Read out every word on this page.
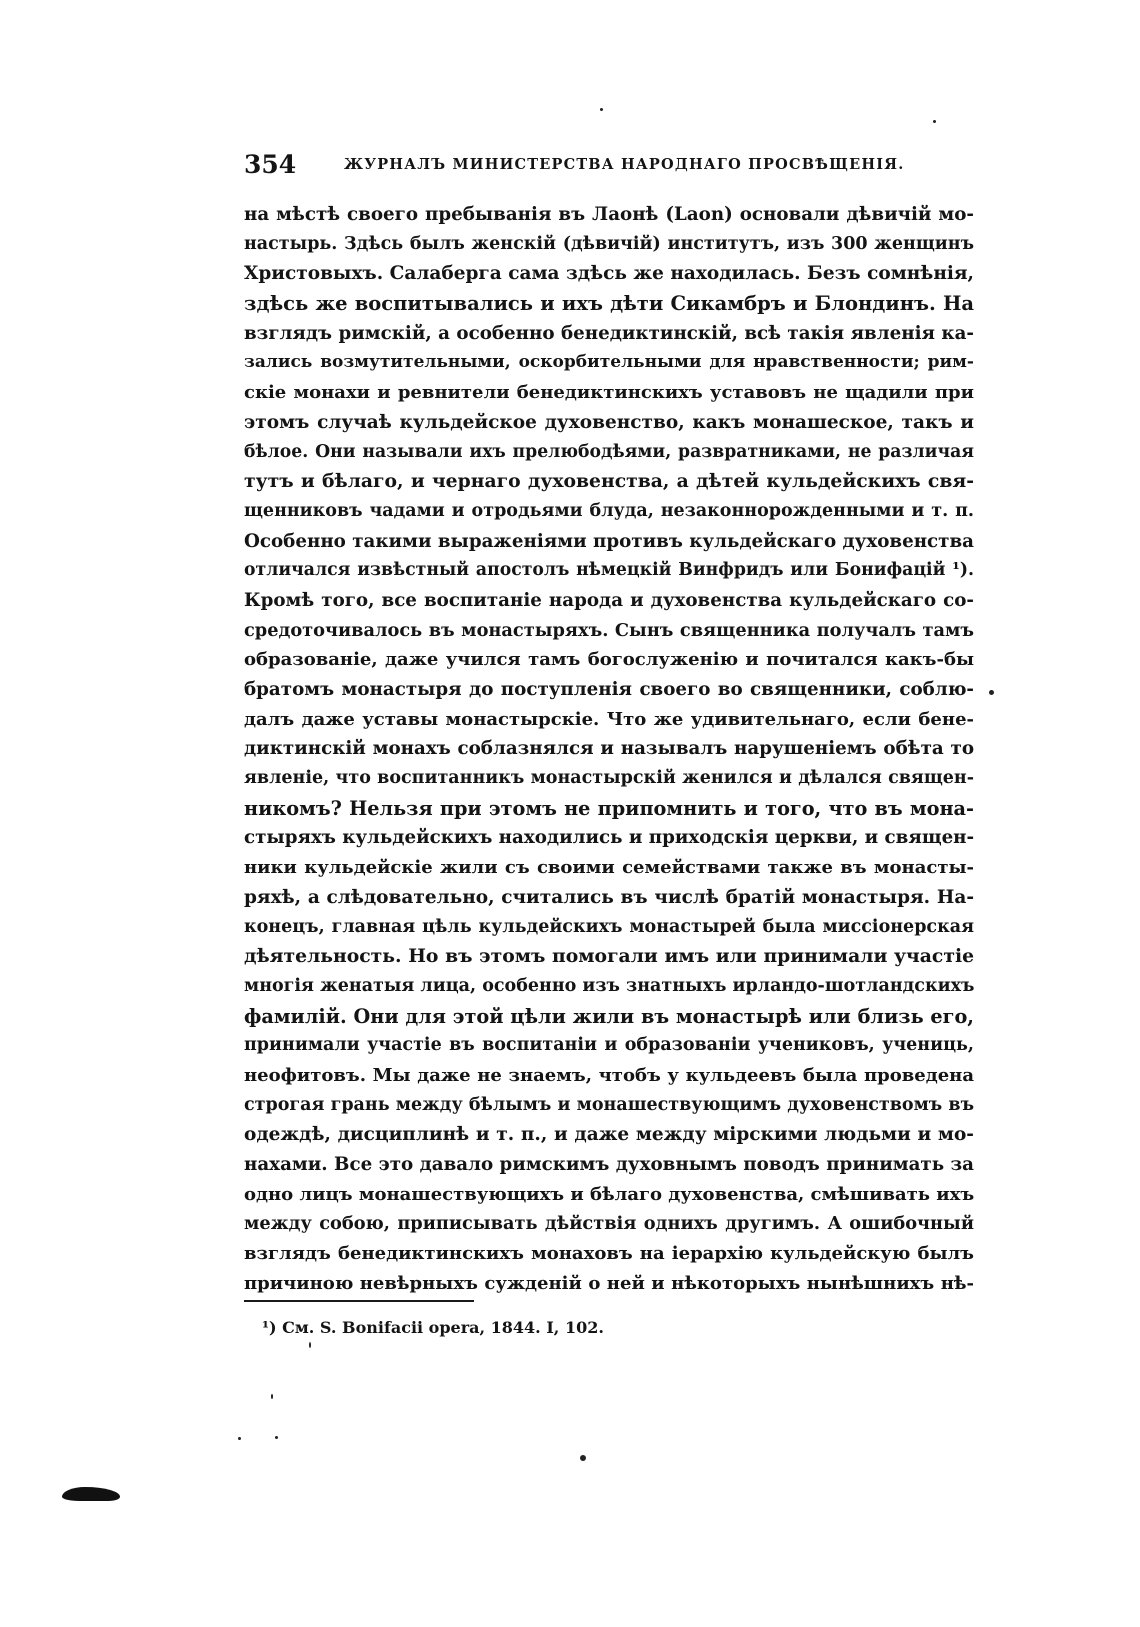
354	ЖУРНАЛЪ МИНИСТЕРСТВА НАРОДНАГО ПРОСВѢЩЕНІЯ.
на мѣстѣ своего пребыванія въ Лаонѣ (Laon) основали дѣвичій мо-
настырь. Здѣсь былъ женскій (дѣвичій) институтъ, изъ 300 женщинъ
Христовыхъ. Салаберга сама здѣсь же находилась. Безъ сомнѣнія,
здѣсь же воспитывались и ихъ дѣти Сикамбръ и Блондинъ. На
взглядъ римскій, а особенно бенедиктинскій, всѣ такія явленія ка-
зались возмутительными, оскорбительными для нравственности; рим-
скіе монахи и ревнители бенедиктинскихъ уставовъ не щадили при
этомъ случаѣ кульдейское духовенство, какъ монашеское, такъ и
бѣлое. Они называли ихъ прелюбодѣями, развратниками, не различая
тутъ и бѣлаго, и чернаго духовенства, а дѣтей кульдейскихъ свя-
щенниковъ чадами и отродьями блуда, незаконнорожденными и т. п.
Особенно такими выраженіями противъ кульдейскаго духовенства
отличался извѣстный апостолъ нѣмецкій Винфридъ или Бонифацій ¹).
Кромѣ того, все воспитаніе народа и духовенства кульдейскаго со-
средоточивалось въ монастыряхъ. Сынъ священника получалъ тамъ
образованіе, даже учился тамъ богослуженію и почитался какъ-бы
братомъ монастыря до поступленія своего во священники, соблю-
далъ даже уставы монастырскіе. Что же удивительнаго, если бене-
диктинскій монахъ соблазнялся и называлъ нарушеніемъ обѣта то
явленіе, что воспитанникъ монастырскій женился и дѣлался священ-
никомъ? Нельзя при этомъ не припомнить и того, что въ мона-
стыряхъ кульдейскихъ находились и приходскія церкви, и священ-
ники кульдейскіе жили съ своими семействами также въ монасты-
ряхѣ, а слѣдовательно, считались въ числѣ братій монастыря. На-
конецъ, главная цѣль кульдейскихъ монастырей была миссіонерская
дѣятельность. Но въ этомъ помогали имъ или принимали участіе
многія женатыя лица, особенно изъ знатныхъ ирландо-шотландскихъ
фамилій. Они для этой цѣли жили въ монастырѣ или близь его,
принимали участіе въ воспитаніи и образованіи учениковъ, учениць,
неофитовъ. Мы даже не знаемъ, чтобъ у кульдеевъ была проведена
строгая грань между бѣлымъ и монашествующимъ духовенствомъ въ
одеждѣ, дисциплинѣ и т. п., и даже между мірскими людьми и мо-
нахами. Все это давало римскимъ духовнымъ поводъ принимать за
одно лицъ монашествующихъ и бѣлаго духовенства, смѣшивать ихъ
между собою, приписывать дѣйствія однихъ другимъ. А ошибочный
взглядъ бенедиктинскихъ монаховъ на іерархію кульдейскую былъ
причиною невѣрныхъ сужденій о ней и нѣкоторыхъ нынѣшнихъ нѣ-
¹) См. S. Bonifacii opera, 1844. I, 102.
